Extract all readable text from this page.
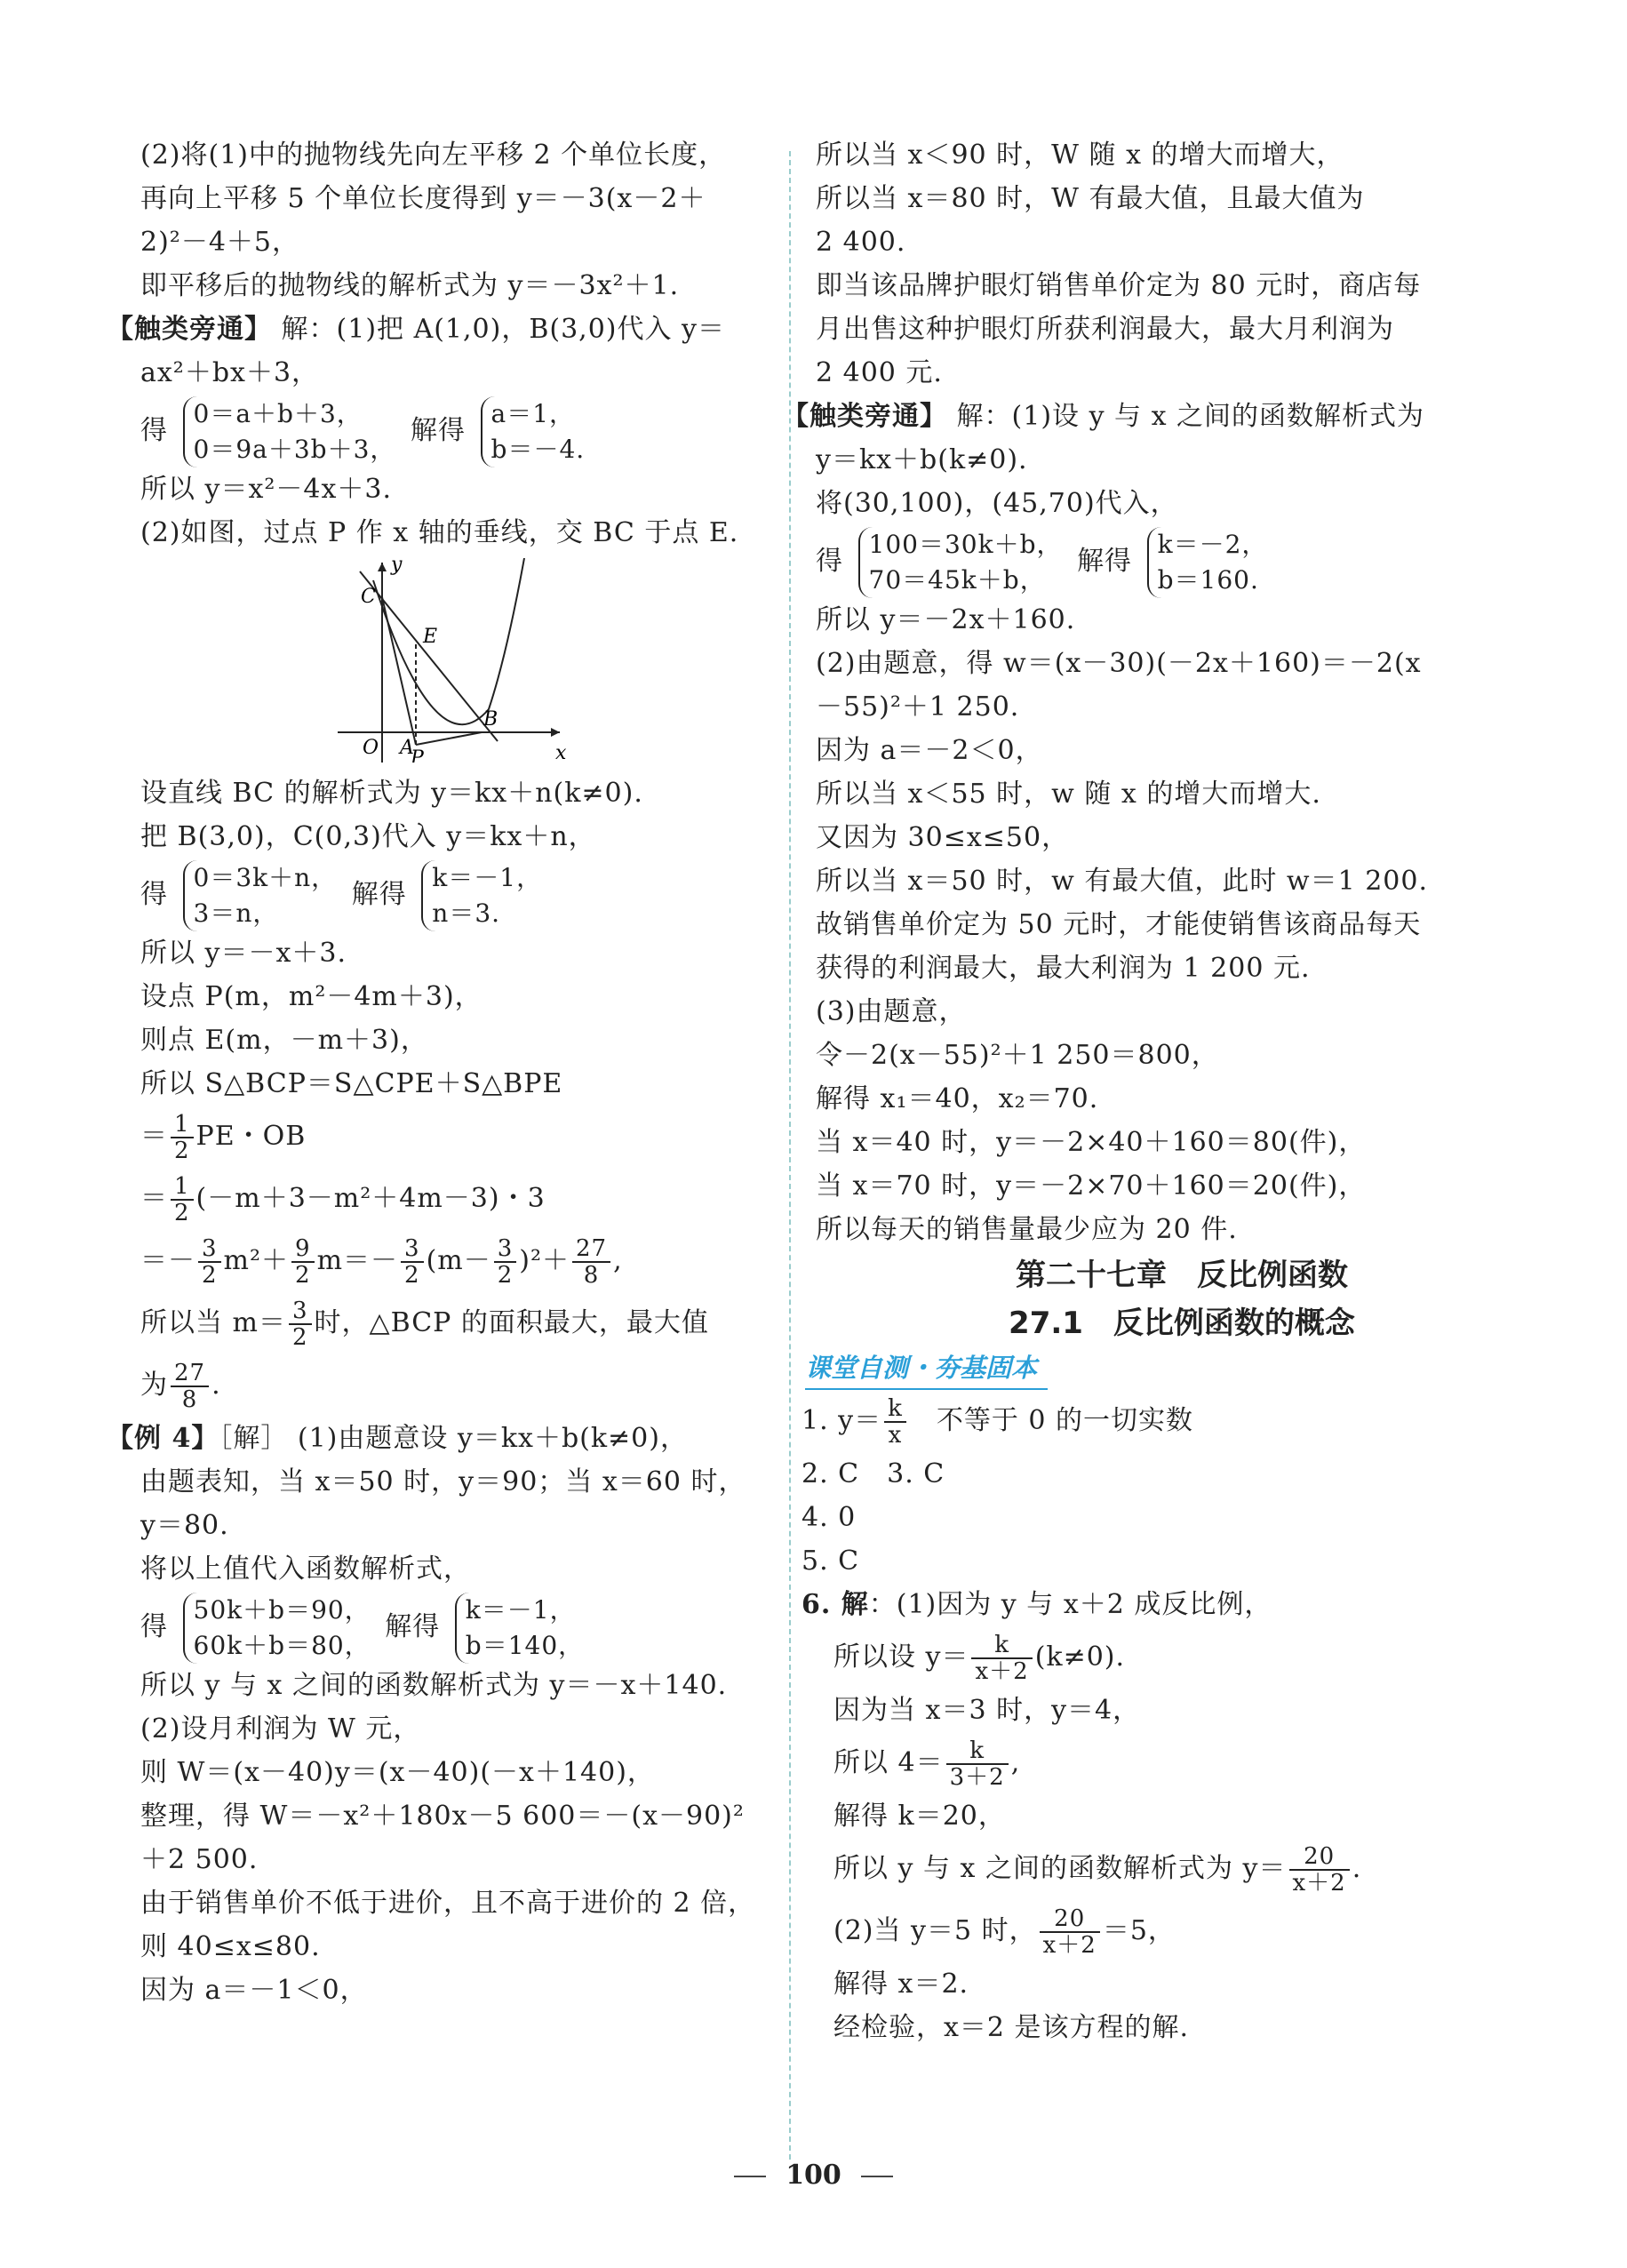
(2)将(1)中的抛物线先向左平移 2 个单位长度，
再向上平移 5 个单位长度得到 y＝－3(x－2＋
2)²－4＋5，
即平移后的抛物线的解析式为 y＝－3x²＋1.
【触类旁通】 解：(1)把 A(1,0)，B(3,0)代入 y＝
ax²＋bx＋3，
得 0＝a＋b＋3，
0＝9a＋3b＋3， 解得 a＝1，
b＝－4.
所以 y＝x²－4x＋3.
(2)如图，过点 P 作 x 轴的垂线，交 BC 于点 E.
C
y
x
E
B
O A
P
设直线 BC 的解析式为 y＝kx＋n(k≠0).
把 B(3,0)，C(0,3)代入 y＝kx＋n，
得 0＝3k＋n，
3＝n， 解得 k＝－1，
n＝3.
所以 y＝－x＋3.
设点 P(m，m²－4m＋3)，
则点 E(m，－m＋3)，
所以 S△BCP＝S△CPE＋S△BPE
＝ $\frac{1}{2}$ PE・OB
＝ $\frac{1}{2} (-m+3-m^2+4m-3)$・3
＝－ $\frac{3}{2} m^2+ \frac{9}{2} m=- \frac{3}{2} (m- \frac{3}{2} )^2+ \frac{27}{8}$ ,
所以当 $m= \frac{3}{2}$ 时，△BCP 的面积最大，最大值
为 $\frac{27}{8}$ .
【例 4】［解］ (1)由题意设 y＝kx＋b(k≠0)，
由题表知，当 x＝50 时，y＝90；当 x＝60 时，
y＝80.
将以上值代入函数解析式，
得 50k＋b＝90，
60k＋b＝80， 解得 k＝－1，
b＝140，
所以 y 与 x 之间的函数解析式为 y＝－x＋140.
(2)设月利润为 W 元，
则 W＝(x－40)y＝(x－40)(－x＋140)，
整理，得 W＝－x²＋180x－5 600＝－(x－90)²
＋2 500.
由于销售单价不低于进价，且不高于进价的 2 倍，
则 40≤x≤80.
因为 a＝－1＜0，
所以当 x＜90 时，W 随 x 的增大而增大，
所以当 x＝80 时，W 有最大值，且最大值为
2 400.
即当该品牌护眼灯销售单价定为 80 元时，商店每
月出售这种护眼灯所获利润最大，最大月利润为
2 400 元.
【触类旁通】 解：(1)设 y 与 x 之间的函数解析式为
y＝kx＋b(k≠0).
将(30,100)，(45,70)代入，
得 100＝30k＋b，
70＝45k＋b， 解得 k＝－2，
b＝160.
所以 y＝－2x＋160.
(2)由题意，得 w＝(x－30)(－2x＋160)＝－2(x
－55)²＋1 250.
因为 a＝－2＜0，
所以当 x＜55 时，w 随 x 的增大而增大.
又因为 30≤x≤50，
所以当 x＝50 时，w 有最大值，此时 w＝1 200.
故销售单价定为 50 元时，才能使销售该商品每天
获得的利润最大，最大利润为 1 200 元.
(3)由题意，
令－2(x－55)²＋1 250＝800，
解得 x₁＝40，x₂＝70.
当 x＝40 时，y＝－2×40＋160＝80(件)，
当 x＝70 时，y＝－2×70＋160＝20(件)，
所以每天的销售量最少应为 20 件.
第二十七章　反比例函数
27.1　反比例函数的概念
课堂自测・夯基固本
1. $y= \frac{k}{x}$ 　不等于 0 的一切实数
2. C　3. C
4. 0
5. C
6. 解：(1)因为 y 与 x＋2 成反比例，
所以设 $y= \frac{k}{x+2} (k\ne 0)$.
因为当 x＝3 时，y＝4，
所以 $4= \frac{k}{3+2}$ ,
解得 k＝20，
所以 y 与 x 之间的函数解析式为 $y= \frac{20}{x+2}$ .
(2)当 y＝5 时， $\frac{20}{x+2} =5$，
解得 x＝2.
经检验，x＝2 是该方程的解.
100
